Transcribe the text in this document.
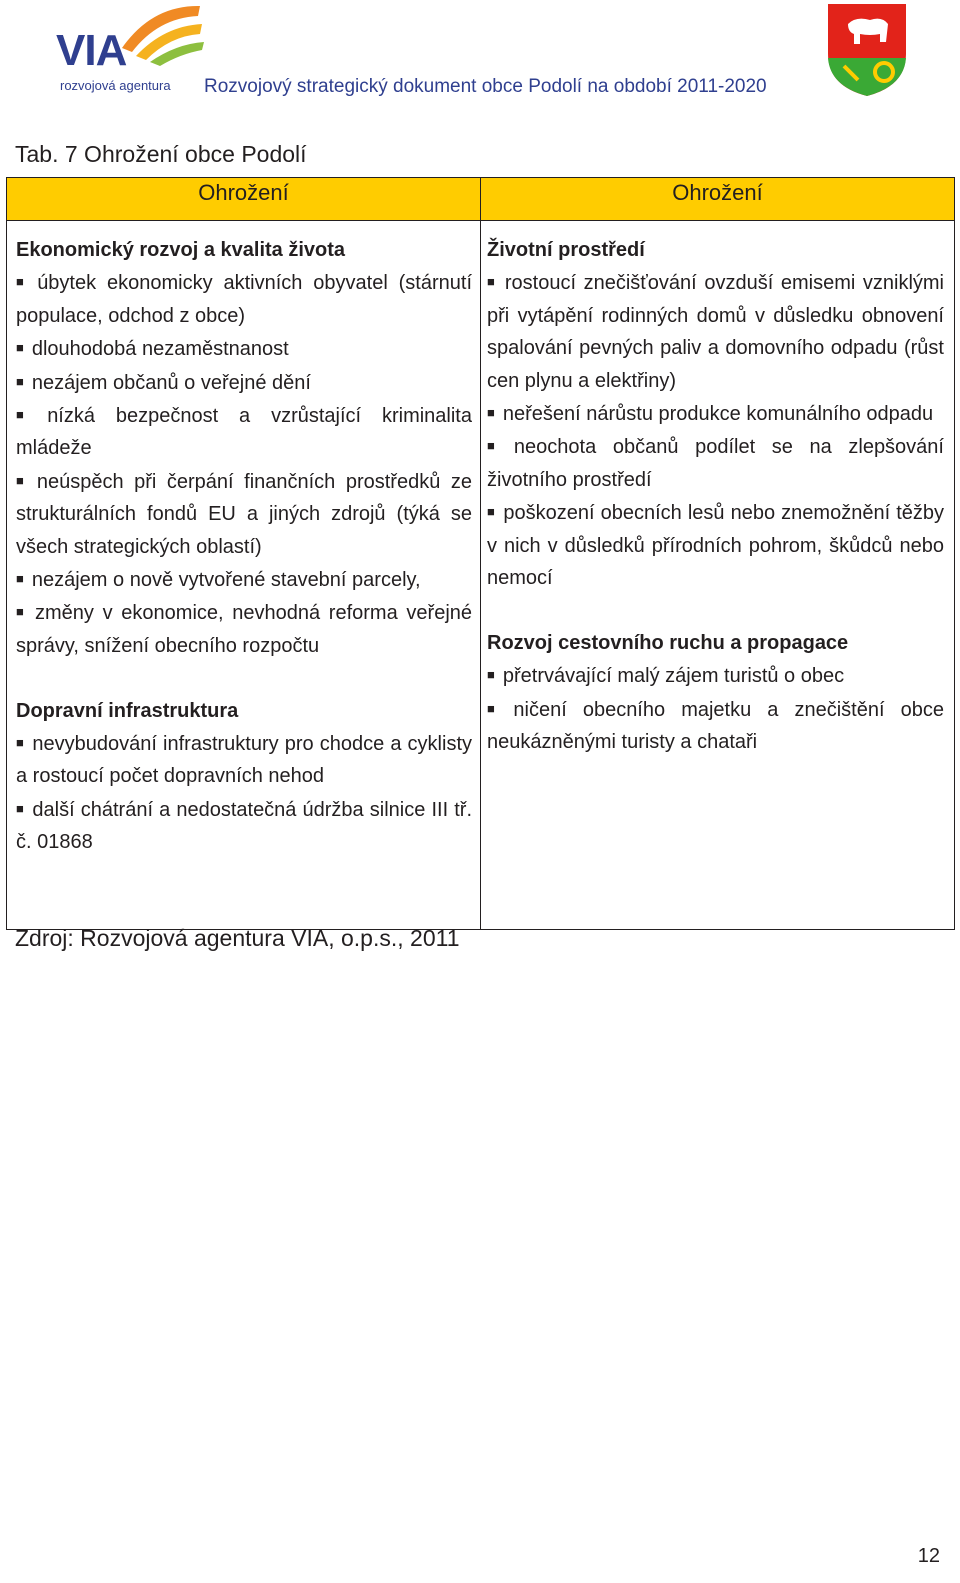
VIA
rozvojová agentura Rozvojový strategický dokument obce Podolí na období 2011-2020
Tab. 7 Ohrožení obce Podolí
Ohrožení	Ohrožení
Ekonomický rozvoj a kvalita života
■ úbytek ekonomicky aktivních obyvatel (stárnutí populace, odchod z obce)
■ dlouhodobá nezaměstnanost
■ nezájem občanů o veřejné dění
■ nízká bezpečnost a vzrůstající kriminalita mládeže
■ neúspěch při čerpání finančních prostředků ze strukturálních fondů EU a jiných zdrojů (týká se všech strategických oblastí)
■ nezájem o nově vytvořené stavební parcely,
■ změny v ekonomice, nevhodná reforma veřejné správy, snížení obecního rozpočtu
Dopravní infrastruktura
■ nevybudování infrastruktury pro chodce a cyklisty a rostoucí počet dopravních nehod
■ další chátrání a nedostatečná údržba silnice III tř. č. 01868
Životní prostředí
■ rostoucí znečišťování ovzduší emisemi vzniklými při vytápění rodinných domů v důsledku obnovení spalování pevných paliv a domovního odpadu (růst cen plynu a elektřiny)
■ neřešení nárůstu produkce komunálního odpadu
■ neochota občanů podílet se na zlepšování životního prostředí
■ poškození obecních lesů nebo znemožnění těžby v nich v důsledků přírodních pohrom, škůdců nebo nemocí
Rozvoj cestovního ruchu a propagace
■ přetrvávající malý zájem turistů o obec
■ ničení obecního majetku a znečištění obce neukázněnými turisty a chataři
Zdroj: Rozvojová agentura VIA, o.p.s., 2011
12
